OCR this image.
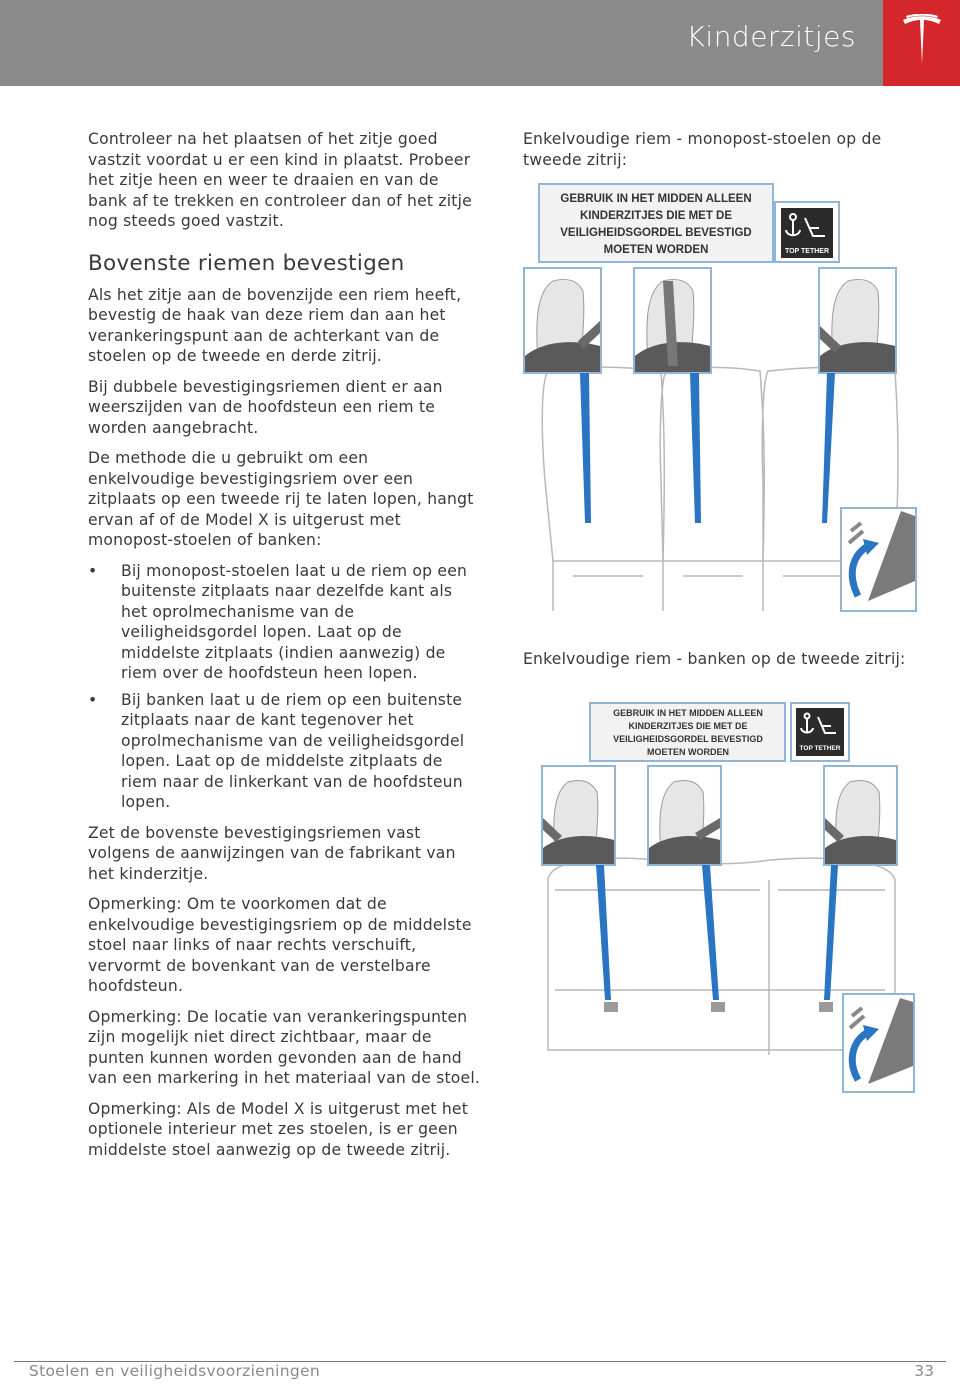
Kinderzitjes

Controleer na het plaatsen of het zitje goed vastzit voordat u er een kind in plaatst. Probeer het zitje heen en weer te draaien en van de bank af te trekken en controleer dan of het zitje nog steeds goed vastzit.

Bovenste riemen bevestigen

Als het zitje aan de bovenzijde een riem heeft, bevestig de haak van deze riem dan aan het verankeringspunt aan de achterkant van de stoelen op de tweede en derde zitrij.

Bij dubbele bevestigingsriemen dient er aan weerszijden van de hoofdsteun een riem te worden aangebracht.

De methode die u gebruikt om een enkelvoudige bevestigingsriem over een zitplaats op een tweede rij te laten lopen, hangt ervan af of de Model X is uitgerust met monopost-stoelen of banken:

• Bij monopost-stoelen laat u de riem op een buitenste zitplaats naar dezelfde kant als het oprolmechanisme van de veiligheidsgordel lopen. Laat op de middelste zitplaats (indien aanwezig) de riem over de hoofdsteun heen lopen.
• Bij banken laat u de riem op een buitenste zitplaats naar de kant tegenover het oprolmechanisme van de veiligheidsgordel lopen. Laat op de middelste zitplaats de riem naar de linkerkant van de hoofdsteun lopen.

Zet de bovenste bevestigingsriemen vast volgens de aanwijzingen van de fabrikant van het kinderzitje.

Opmerking: Om te voorkomen dat de enkelvoudige bevestigingsriem op de middelste stoel naar links of naar rechts verschuift, vervormt de bovenkant van de verstelbare hoofdsteun.

Opmerking: De locatie van verankeringspunten zijn mogelijk niet direct zichtbaar, maar de punten kunnen worden gevonden aan de hand van een markering in het materiaal van de stoel.

Opmerking: Als de Model X is uitgerust met het optionele interieur met zes stoelen, is er geen middelste stoel aanwezig op de tweede zitrij.

Enkelvoudige riem - monopost-stoelen op de tweede zitrij:

GEBRUIK IN HET MIDDEN ALLEEN
KINDERZITJES DIE MET DE
VEILIGHEIDSGORDEL BEVESTIGD
MOETEN WORDEN	TOP TETHER

Enkelvoudige riem - banken op de tweede zitrij:

GEBRUIK IN HET MIDDEN ALLEEN
KINDERZITJES DIE MET DE
VEILIGHEIDSGORDEL BEVESTIGD
MOETEN WORDEN	TOP TETHER
Stoelen en veiligheidsvoorzieningen	33
